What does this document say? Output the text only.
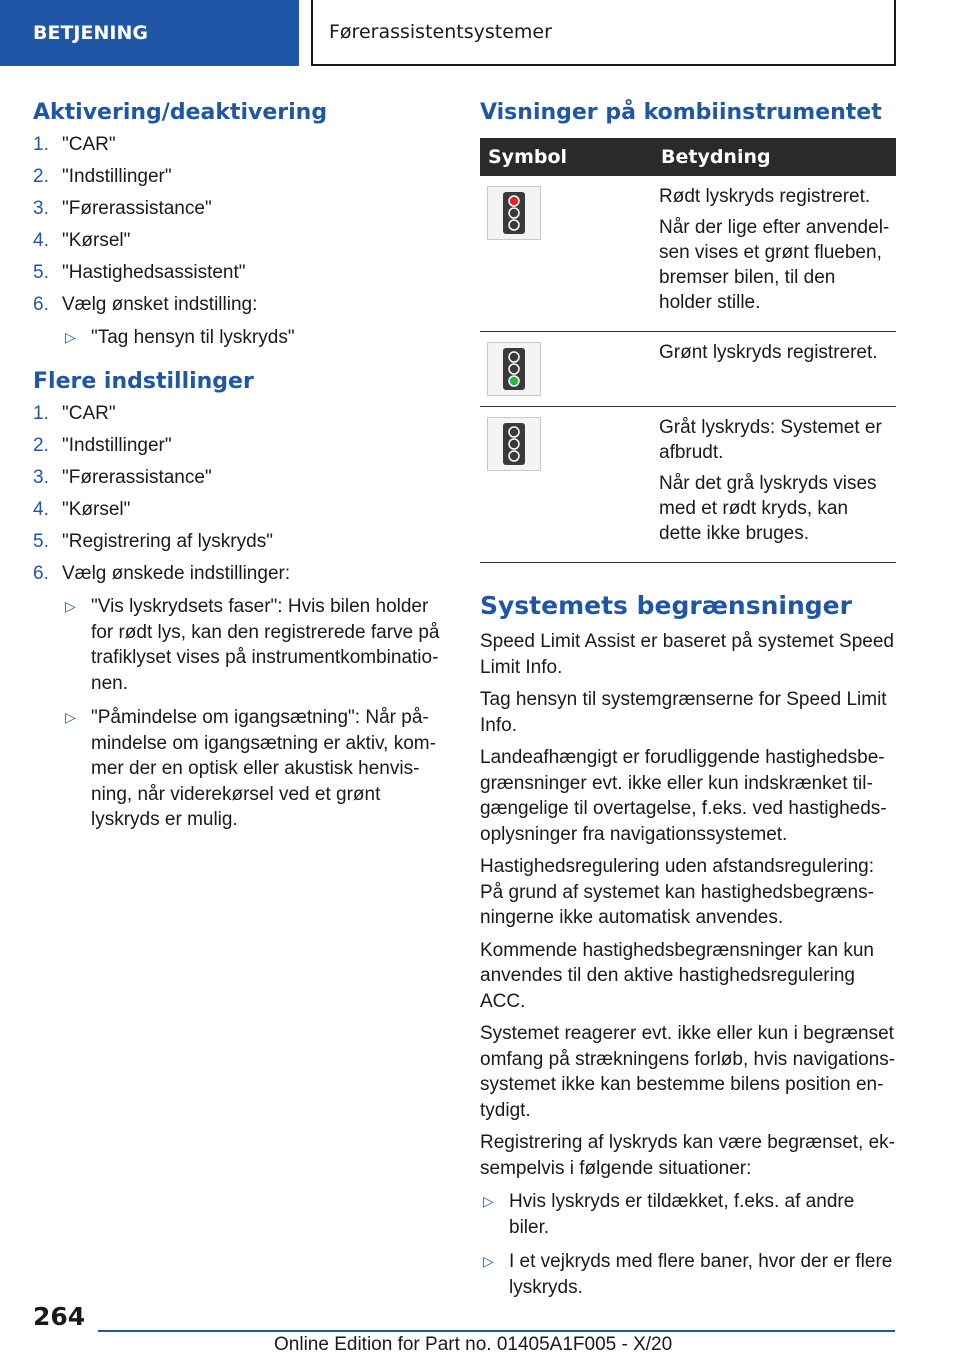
BETJENING	Førerassistentsystemer
Aktivering/deaktivering
1. "CAR"
2. "Indstillinger"
3. "Førerassistance"
4. "Kørsel"
5. "Hastighedsassistent"
6. Vælg ønsket indstilling:
▷ "Tag hensyn til lyskryds"
Flere indstillinger
1. "CAR"
2. "Indstillinger"
3. "Førerassistance"
4. "Kørsel"
5. "Registrering af lyskryds"
6. Vælg ønskede indstillinger:
▷ "Vis lyskrydsets faser": Hvis bilen holder for rødt lys, kan den registrerede farve på trafiklyset vises på instrumentkombinationen.
▷ "Påmindelse om igangsætning": Når påmindelse om igangsætning er aktiv, kommer der en optisk eller akustisk henvisning, når viderekørsel ved et grønt lyskryds er mulig.
Visninger på kombiinstrumentet
Symbol	Betydning

Rødt lyskryds registreret.

Når der lige efter anvendelsen vises et grønt flueben, bremser bilen, til den holder stille.

Grønt lyskryds registreret.

Gråt lyskryds: Systemet er afbrudt.

Når det grå lyskryds vises med et rødt kryds, kan dette ikke bruges.

Systemets begrænsninger

Speed Limit Assist er baseret på systemet Speed Limit Info.

Tag hensyn til systemgrænserne for Speed Limit Info.

Landeafhængigt er forudliggende hastighedsbegrænsninger evt. ikke eller kun indskrænket tilgængelige til overtagelse, f.eks. ved hastighedsoplysninger fra navigationssystemet.

Hastighedsregulering uden afstandsregulering: På grund af systemet kan hastighedsbegrænsningerne ikke automatisk anvendes.

Kommende hastighedsbegrænsninger kan kun anvendes til den aktive hastighedsregulering ACC.

Systemet reagerer evt. ikke eller kun i begrænset omfang på strækningens forløb, hvis navigationssystemet ikke kan bestemme bilens position entydigt.

Registrering af lyskryds kan være begrænset, eksempelvis i følgende situationer:

▷ Hvis lyskryds er tildækket, f.eks. af andre biler.
▷ I et vejkryds med flere baner, hvor der er flere lyskryds.
264
Online Edition for Part no. 01405A1F005 - X/20
